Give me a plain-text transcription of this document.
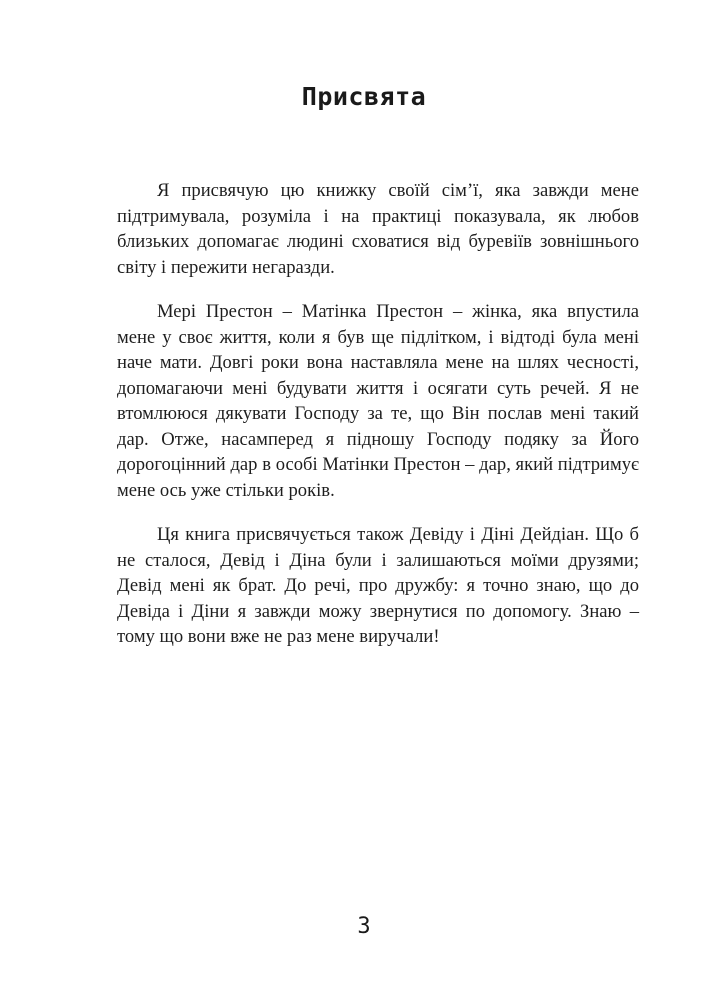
Присвята

Я присвячую цю книжку своїй сім’ї, яка завжди мене підтримувала, розуміла і на практиці показувала, як любов близьких допомагає людині сховатися від буревіїв зовнішнього світу і пережити негаразди.

Мері Престон – Матінка Престон – жінка, яка впустила мене у своє життя, коли я був ще підлітком, і відтоді була мені наче мати. Довгі роки вона наставляла мене на шлях чесності, допомагаючи мені будувати життя і осягати суть речей. Я не втомлююся дякувати Господу за те, що Він послав мені такий дар. Отже, насамперед я підношу Господу подяку за Його дорогоцінний дар в особі Матінки Престон – дар, який підтримує мене ось уже стільки років.

Ця книга присвячується також Девіду і Діні Дейдіан. Що б не сталося, Девід і Діна були і залишаються моїми друзями; Девід мені як брат. До речі, про дружбу: я точно знаю, що до Девіда і Діни я завжди можу звернутися по допомогу. Знаю – тому що вони вже не раз мене виручали!

3
